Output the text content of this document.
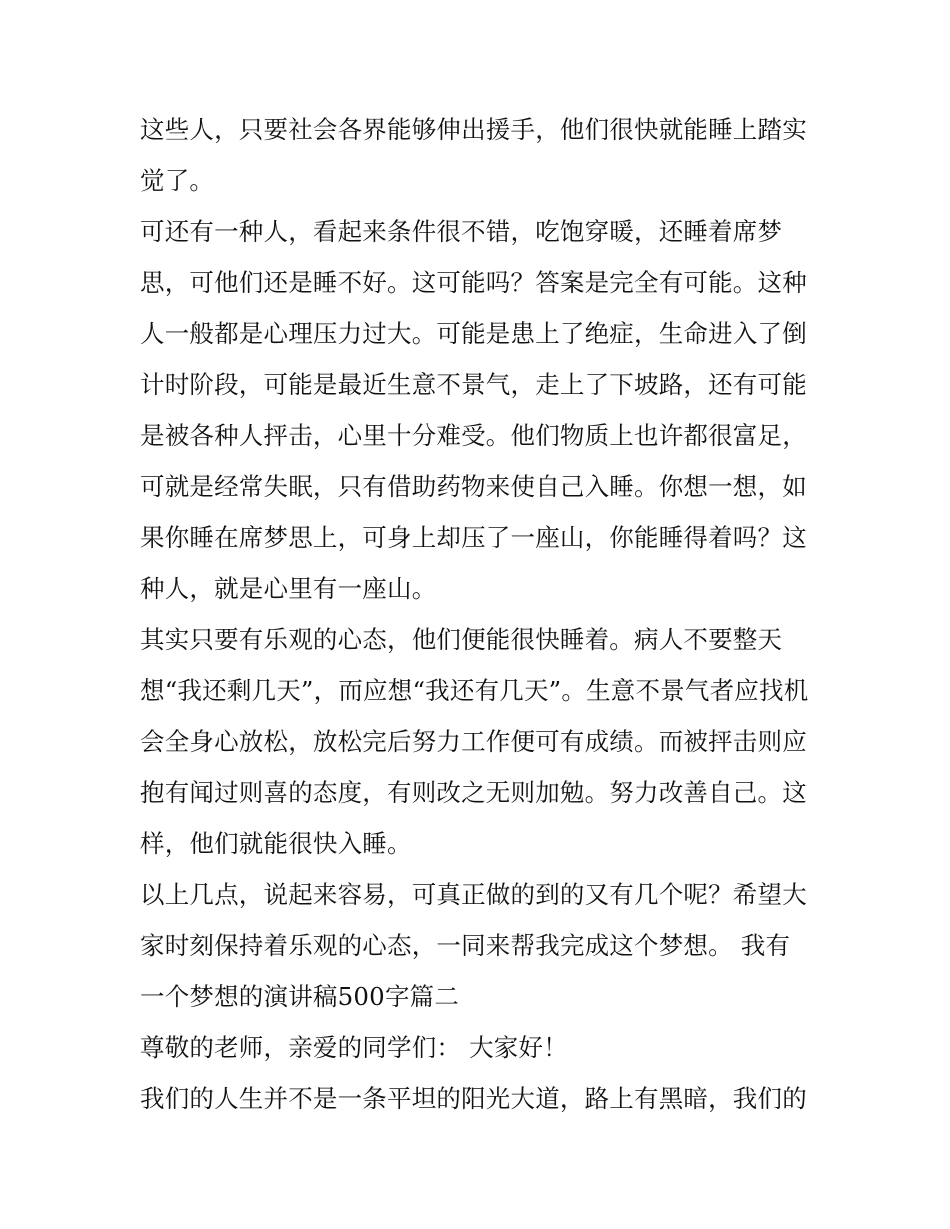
这些人，只要社会各界能够伸出援手，他们很快就能睡上踏实
觉了。
可还有一种人，看起来条件很不错，吃饱穿暖，还睡着席梦
思，可他们还是睡不好。这可能吗？答案是完全有可能。这种
人一般都是心理压力过大。可能是患上了绝症，生命进入了倒
计时阶段，可能是最近生意不景气，走上了下坡路，还有可能
是被各种人抨击，心里十分难受。他们物质上也许都很富足，
可就是经常失眠，只有借助药物来使自己入睡。你想一想，如
果你睡在席梦思上，可身上却压了一座山，你能睡得着吗？这
种人，就是心里有一座山。
其实只要有乐观的心态，他们便能很快睡着。病人不要整天
想“我还剩几天”，而应想“我还有几天”。生意不景气者应找机
会全身心放松，放松完后努力工作便可有成绩。而被抨击则应
抱有闻过则喜的态度，有则改之无则加勉。努力改善自己。这
样，他们就能很快入睡。
以上几点，说起来容易，可真正做的到的又有几个呢？希望大
家时刻保持着乐观的心态，一同来帮我完成这个梦想。 我有
一个梦想的演讲稿500字篇二
尊敬的老师，亲爱的同学们： 大家好！
我们的人生并不是一条平坦的阳光大道，路上有黑暗，我们的
